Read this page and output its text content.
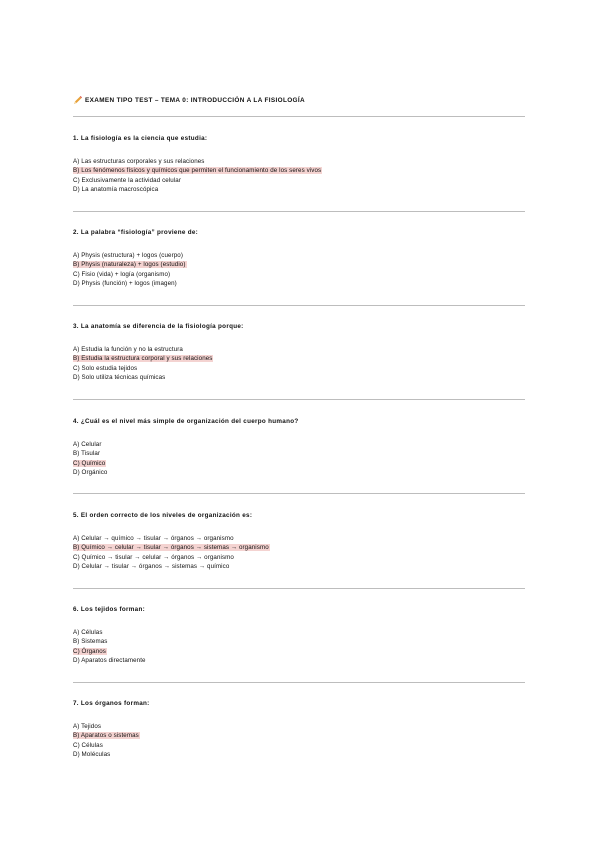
EXAMEN TIPO TEST – TEMA 0: INTRODUCCIÓN A LA FISIOLOGÍA
1. La fisiología es la ciencia que estudia:
A) Las estructuras corporales y sus relaciones
B) Los fenómenos físicos y químicos que permiten el funcionamiento de los seres vivos
C) Exclusivamente la actividad celular
D) La anatomía macroscópica
2. La palabra “fisiología” proviene de:
A) Physis (estructura) + logos (cuerpo)
B) Physis (naturaleza) + logos (estudio)
C) Fisio (vida) + logía (organismo)
D) Physis (función) + logos (imagen)
3. La anatomía se diferencia de la fisiología porque:
A) Estudia la función y no la estructura
B) Estudia la estructura corporal y sus relaciones
C) Solo estudia tejidos
D) Solo utiliza técnicas químicas
4. ¿Cuál es el nivel más simple de organización del cuerpo humano?
A) Celular
B) Tisular
C) Químico
D) Orgánico
5. El orden correcto de los niveles de organización es:
A) Celular → químico → tisular → órganos → organismo
B) Químico → celular → tisular → órganos → sistemas → organismo
C) Químico → tisular → celular → órganos → organismo
D) Celular → tisular → órganos → sistemas → químico
6. Los tejidos forman:
A) Células
B) Sistemas
C) Órganos
D) Aparatos directamente
7. Los órganos forman:
A) Tejidos
B) Aparatos o sistemas
C) Células
D) Moléculas
